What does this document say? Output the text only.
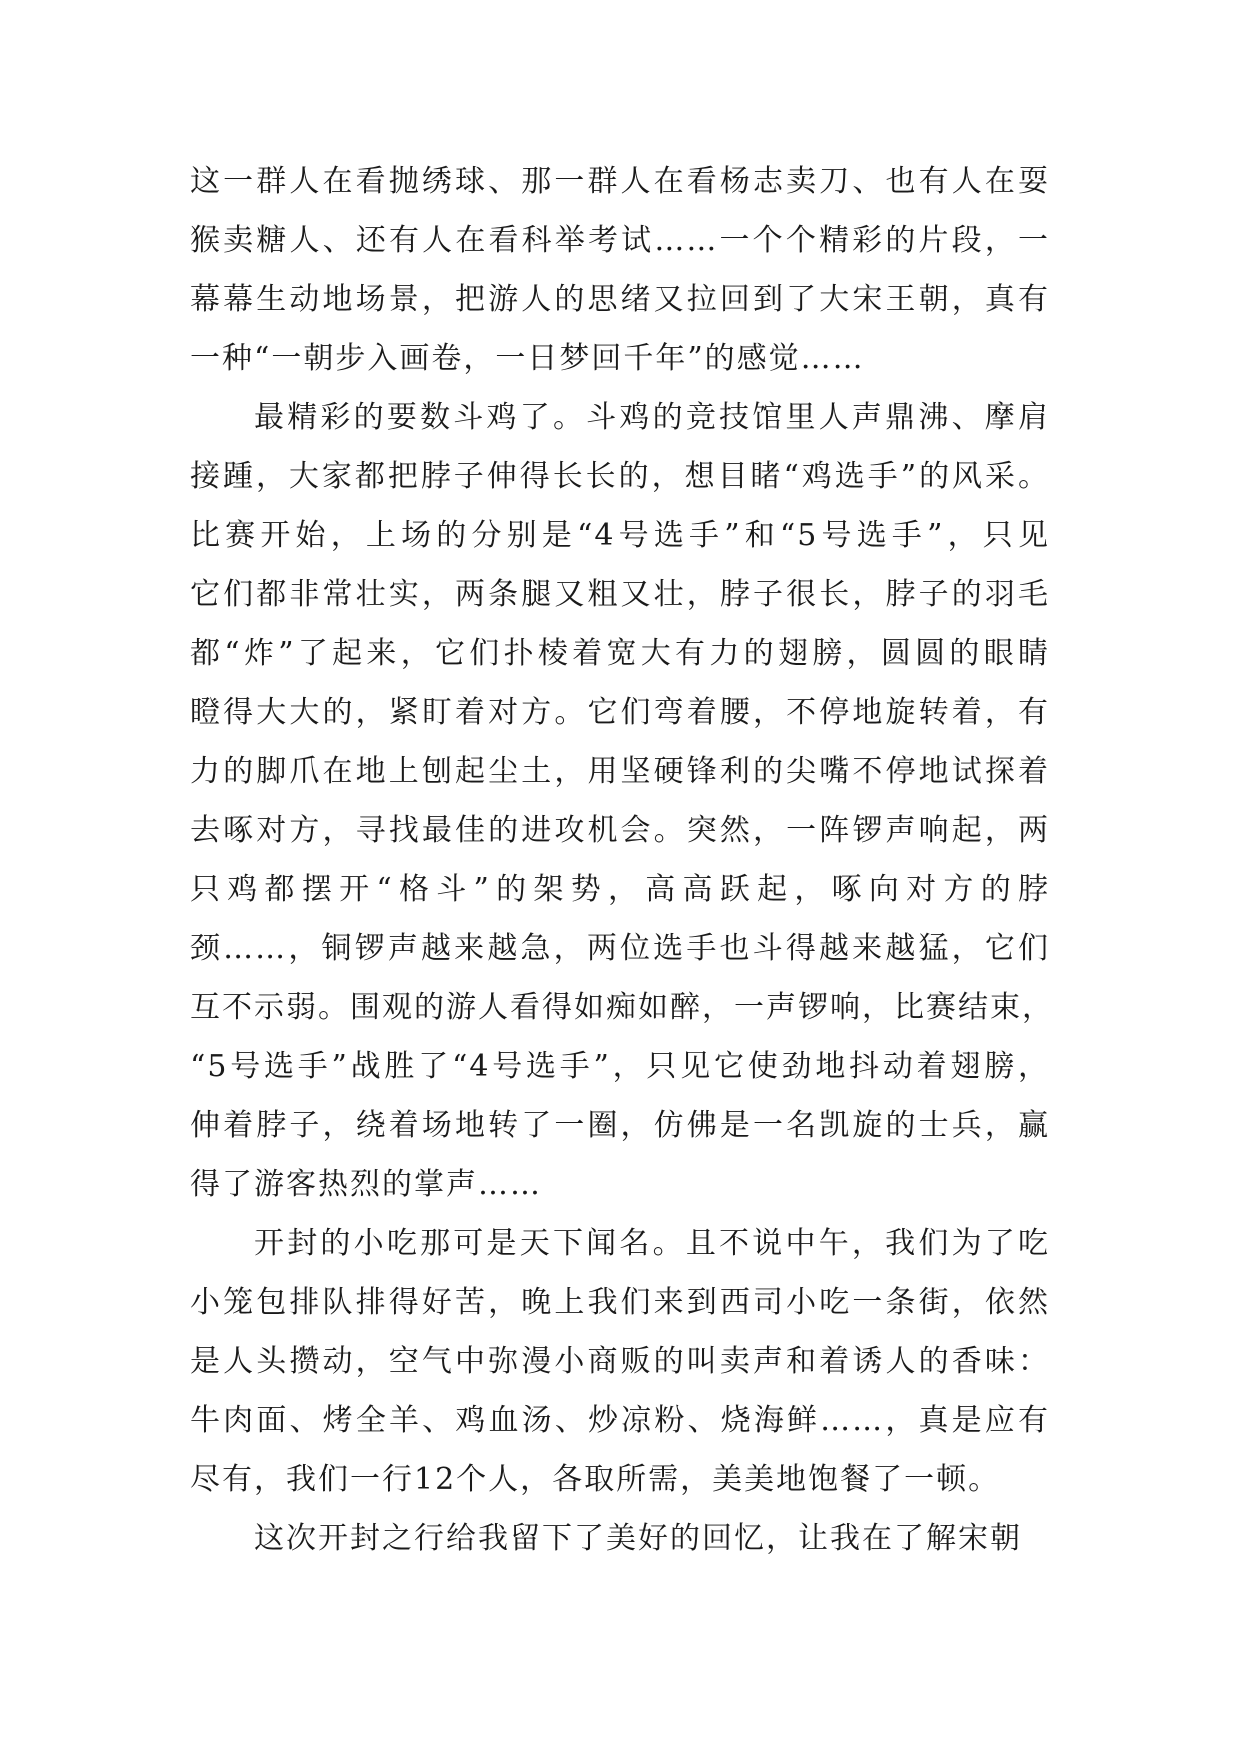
这一群人在看抛绣球、那一群人在看杨志卖刀、也有人在耍
猴卖糖人、还有人在看科举考试……一个个精彩的片段，一
幕幕生动地场景，把游人的思绪又拉回到了大宋王朝，真有
一种“一朝步入画卷，一日梦回千年”的感觉……
最精彩的要数斗鸡了。斗鸡的竞技馆里人声鼎沸、摩肩
接踵，大家都把脖子伸得长长的，想目睹“鸡选手”的风采。
比赛开始，上场的分别是“4号选手”和“5号选手”，只见
它们都非常壮实，两条腿又粗又壮，脖子很长，脖子的羽毛
都“炸”了起来，它们扑棱着宽大有力的翅膀，圆圆的眼睛
瞪得大大的，紧盯着对方。它们弯着腰，不停地旋转着，有
力的脚爪在地上刨起尘土，用坚硬锋利的尖嘴不停地试探着
去啄对方，寻找最佳的进攻机会。突然，一阵锣声响起，两
只鸡都摆开“格斗”的架势，高高跃起，啄向对方的脖
颈……，铜锣声越来越急，两位选手也斗得越来越猛，它们
互不示弱。围观的游人看得如痴如醉，一声锣响，比赛结束，
“5号选手”战胜了“4号选手”，只见它使劲地抖动着翅膀，
伸着脖子，绕着场地转了一圈，仿佛是一名凯旋的士兵，赢
得了游客热烈的掌声……
开封的小吃那可是天下闻名。且不说中午，我们为了吃
小笼包排队排得好苦，晚上我们来到西司小吃一条街，依然
是人头攒动，空气中弥漫小商贩的叫卖声和着诱人的香味：
牛肉面、烤全羊、鸡血汤、炒凉粉、烧海鲜……，真是应有
尽有，我们一行12个人，各取所需，美美地饱餐了一顿。
这次开封之行给我留下了美好的回忆，让我在了解宋朝
